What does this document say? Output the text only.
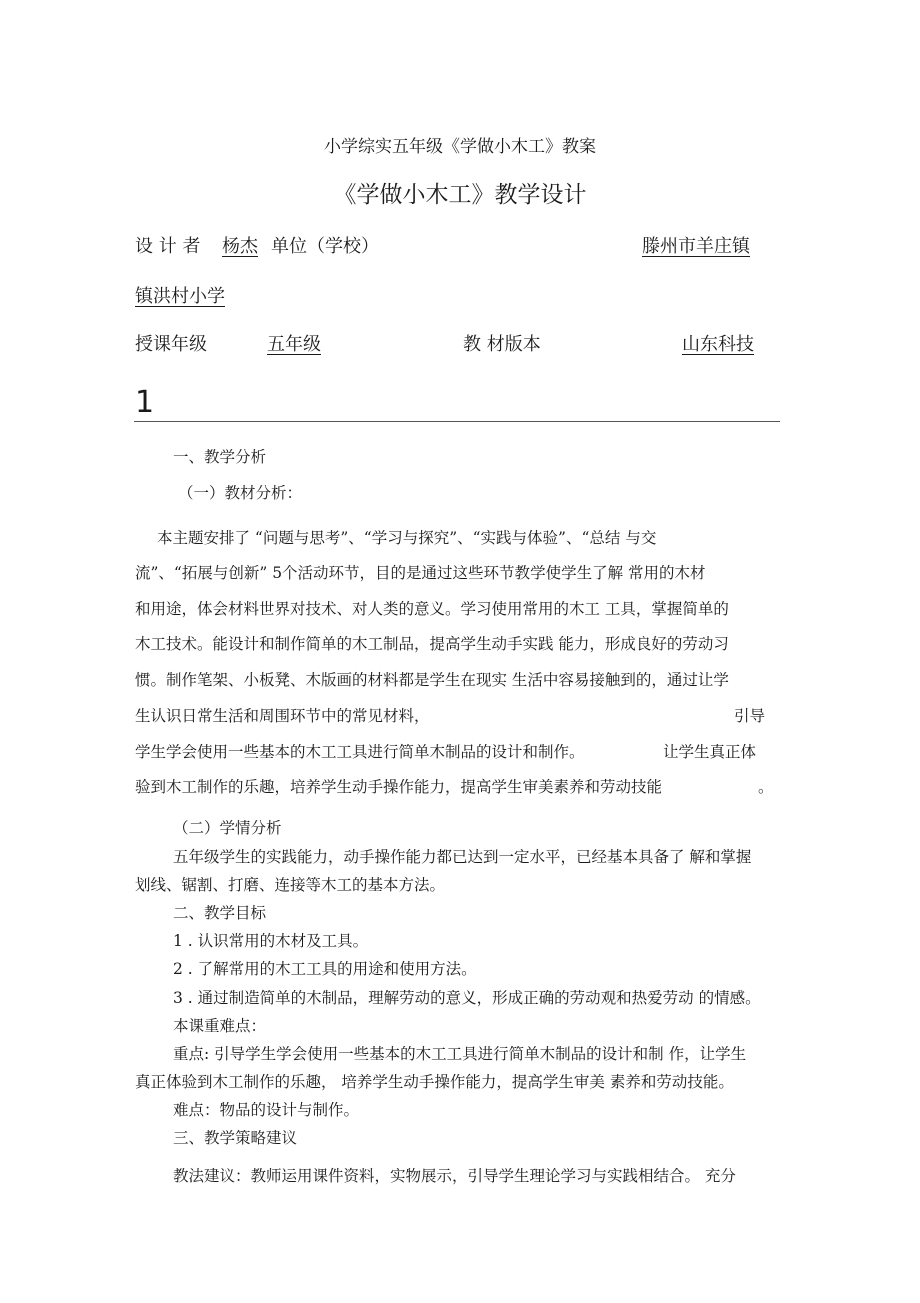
小学综实五年级《学做小木工》教案
《学做小木工》教学设计
设 计 者 杨杰 单位（学校）	滕州市羊庄镇
镇洪村小学
授课年级	五年级	教 材版本	山东科技
1
一、教学分析
（一）教材分析：
本主题安排了 “问题与思考”、“学习与探究”、“实践与体验”、“总结 与交
流”、“拓展与创新” 5个活动环节，目的是通过这些环节教学使学生了解 常用的木材
和用途，体会材料世界对技术、对人类的意义。学习使用常用的木工 工具，掌握简单的
木工技术。能设计和制作简单的木工制品，提高学生动手实践 能力，形成良好的劳动习
惯。制作笔架、小板凳、木版画的材料都是学生在现实 生活中容易接触到的，通过让学
生认识日常生活和周围环节中的常见材料，	引导
学生学会使用一些基本的木工工具进行简单木制品的设计和制作。	让学生真正体
验到木工制作的乐趣，培养学生动手操作能力，提高学生审美素养和劳动技能	。
（二）学情分析
五年级学生的实践能力，动手操作能力都已达到一定水平，已经基本具备了 解和掌握
划线、锯割、打磨、连接等木工的基本方法。
二、教学目标
1 . 认识常用的木材及工具。
2 . 了解常用的木工工具的用途和使用方法。
3 . 通过制造简单的木制品，理解劳动的意义，形成正确的劳动观和热爱劳动 的情感。
本课重难点：
重点: 引导学生学会使用一些基本的木工工具进行简单木制品的设计和制 作，让学生
真正体验到木工制作的乐趣， 培养学生动手操作能力，提高学生审美 素养和劳动技能。
难点：物品的设计与制作。
三、教学策略建议
教法建议：教师运用课件资料，实物展示，引导学生理论学习与实践相结合。 充分
